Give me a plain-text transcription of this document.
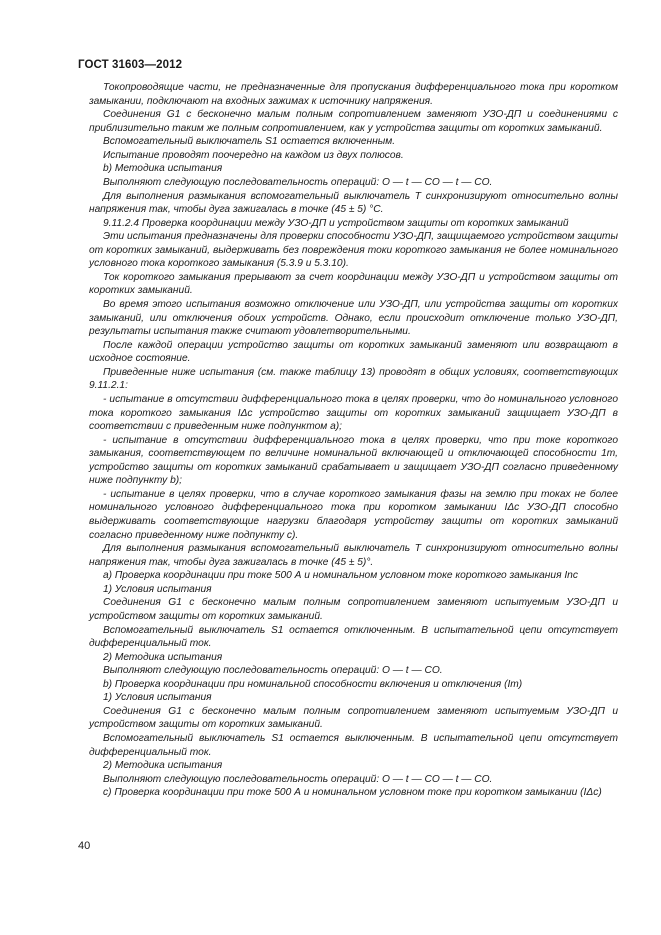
ГОСТ 31603—2012

Токопроводящие части, не предназначенные для пропускания дифференциального тока при коротком замыкании, подключают на входных зажимах к источнику напряжения.

Соединения G1 с бесконечно малым полным сопротивлением заменяют УЗО-ДП и соединениями с приблизительно таким же полным сопротивлением, как у устройства защиты от коротких замыканий.

Вспомогательный выключатель S1 остается включенным.

Испытание проводят поочередно на каждом из двух полюсов.

b) Методика испытания

Выполняют следующую последовательность операций: O — t — CO — t — CO.

Для выполнения размыкания вспомогательный выключатель T синхронизируют относительно волны напряжения так, чтобы дуга зажигалась в точке (45 ± 5) °С.

9.11.2.4 Проверка координации между УЗО-ДП и устройством защиты от коротких замыканий

Эти испытания предназначены для проверки способности УЗО-ДП, защищаемого устройством защиты от коротких замыканий, выдерживать без повреждения токи короткого замыкания не более номинального условного тока короткого замыкания (5.3.9 и 5.3.10).

Ток короткого замыкания прерывают за счет координации между УЗО-ДП и устройством защиты от коротких замыканий.

Во время этого испытания возможно отключение или УЗО-ДП, или устройства защиты от коротких замыканий, или отключения обоих устройств. Однако, если происходит отключение только УЗО-ДП, результаты испытания также считают удовлетворительными.

После каждой операции устройство защиты от коротких замыканий заменяют или возвращают в исходное состояние.

Приведенные ниже испытания (см. также таблицу 13) проводят в общих условиях, соответствующих 9.11.2.1:

- испытание в отсутствии дифференциального тока в целях проверки, что до номинального условного тока короткого замыкания IΔc устройство защиты от коротких замыканий защищает УЗО-ДП в соответствии с приведенным ниже подпунктом а);

- испытание в отсутствии дифференциального тока в целях проверки, что при токе короткого замыкания, соответствующем по величине номинальной включающей и отключающей способности 1т, устройство защиты от коротких замыканий срабатывает и защищает УЗО-ДП согласно приведенному ниже подпункту b);

- испытание в целях проверки, что в случае короткого замыкания фазы на землю при токах не более номинального условного дифференциального тока при коротком замыкании IΔc УЗО-ДП способно выдерживать соответствующие нагрузки благодаря устройству защиты от коротких замыканий согласно приведенному ниже подпункту с).

Для выполнения размыкания вспомогательный выключатель T синхронизируют относительно волны напряжения так, чтобы дуга зажигалась в точке (45 ± 5)°.

а) Проверка координации при токе 500 А и номинальном условном токе короткого замыкания Inc

1) Условия испытания

Соединения G1 с бесконечно малым полным сопротивлением заменяют испытуемым УЗО-ДП и устройством защиты от коротких замыканий.

Вспомогательный выключатель S1 остается отключенным. В испытательной цепи отсутствует дифференциальный ток.

2) Методика испытания

Выполняют следующую последовательность операций: O — t — CO.

b) Проверка координации при номинальной способности включения и отключения (Im)

1) Условия испытания

Соединения G1 с бесконечно малым полным сопротивлением заменяют испытуемым УЗО-ДП и устройством защиты от коротких замыканий.

Вспомогательный выключатель S1 остается выключенным. В испытательной цепи отсутствует дифференциальный ток.

2) Методика испытания

Выполняют следующую последовательность операций: O — t — CO — t — CO.

с) Проверка координации при токе 500 А и номинальном условном токе при коротком замыкании (IΔc)

40
